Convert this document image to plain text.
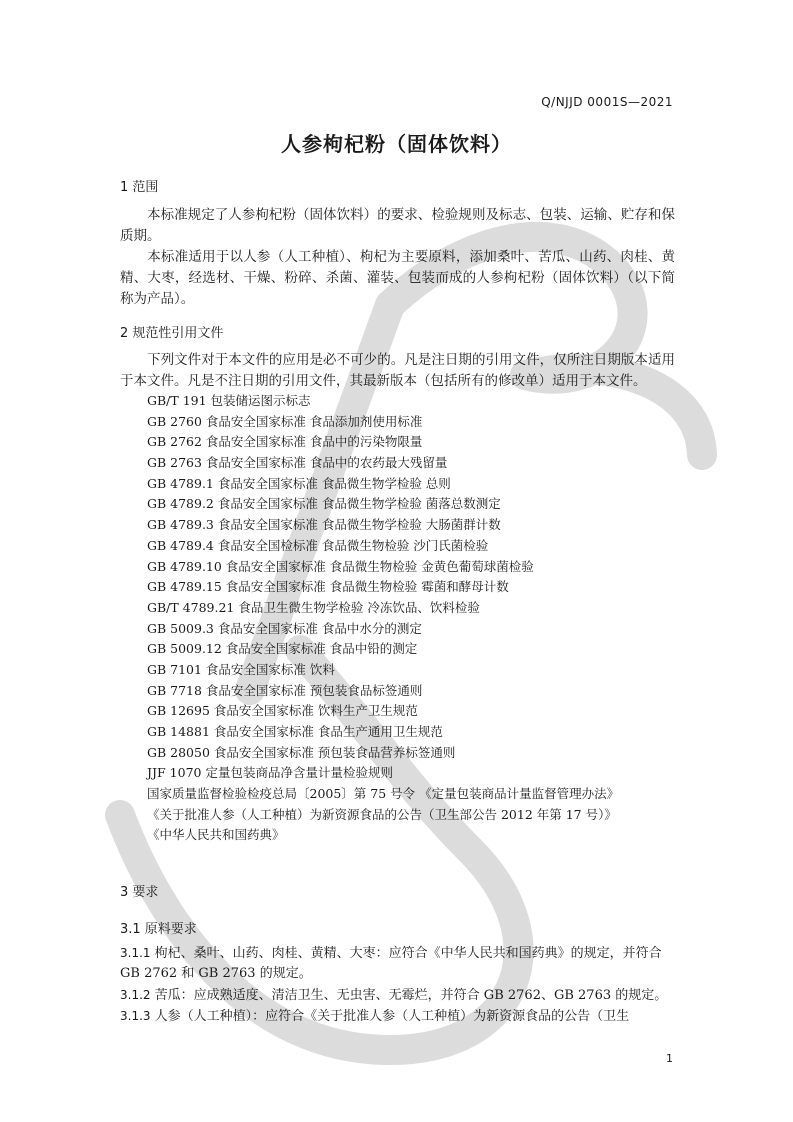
Q/NJJD 0001S—2021
人参枸杞粉（固体饮料）
1 范围
本标准规定了人参枸杞粉（固体饮料）的要求、检验规则及标志、包装、运输、贮存和保质期。
本标准适用于以人参（人工种植）、枸杞为主要原料，添加桑叶、苦瓜、山药、肉桂、黄精、大枣，经选材、干燥、粉碎、杀菌、灌装、包装而成的人参枸杞粉（固体饮料）（以下简称为产品）。
2 规范性引用文件
下列文件对于本文件的应用是必不可少的。凡是注日期的引用文件，仅所注日期版本适用于本文件。凡是不注日期的引用文件，其最新版本（包括所有的修改单）适用于本文件。
GB/T 191 包装储运图示标志
GB 2760 食品安全国家标准 食品添加剂使用标准
GB 2762 食品安全国家标准 食品中的污染物限量
GB 2763 食品安全国家标准 食品中的农药最大残留量
GB 4789.1 食品安全国家标准 食品微生物学检验 总则
GB 4789.2 食品安全国家标准 食品微生物学检验 菌落总数测定
GB 4789.3 食品安全国家标准 食品微生物学检验 大肠菌群计数
GB 4789.4 食品安全国检标准 食品微生物检验 沙门氏菌检验
GB 4789.10 食品安全国家标准 食品微生物检验 金黄色葡萄球菌检验
GB 4789.15 食品安全国家标准 食品微生物检验 霉菌和酵母计数
GB/T 4789.21 食品卫生微生物学检验 冷冻饮品、饮料检验
GB 5009.3 食品安全国家标准 食品中水分的测定
GB 5009.12 食品安全国家标准 食品中铅的测定
GB 7101 食品安全国家标准 饮料
GB 7718 食品安全国家标准 预包装食品标签通则
GB 12695 食品安全国家标准 饮料生产卫生规范
GB 14881 食品安全国家标准 食品生产通用卫生规范
GB 28050 食品安全国家标准 预包装食品营养标签通则
JJF 1070 定量包装商品净含量计量检验规则
国家质量监督检验检疫总局〔2005〕第 75 号令 《定量包装商品计量监督管理办法》
《关于批准人参（人工种植）为新资源食品的公告（卫生部公告 2012 年第 17 号）》
《中华人民共和国药典》
3 要求
3.1 原料要求
3.1.1 枸杞、桑叶、山药、肉桂、黄精、大枣：应符合《中华人民共和国药典》的规定，并符合 GB 2762 和 GB 2763 的规定。
3.1.2 苦瓜：应成熟适度、清洁卫生、无虫害、无霉烂，并符合 GB 2762、GB 2763 的规定。
3.1.3 人参（人工种植）：应符合《关于批准人参（人工种植）为新资源食品的公告（卫生
1
